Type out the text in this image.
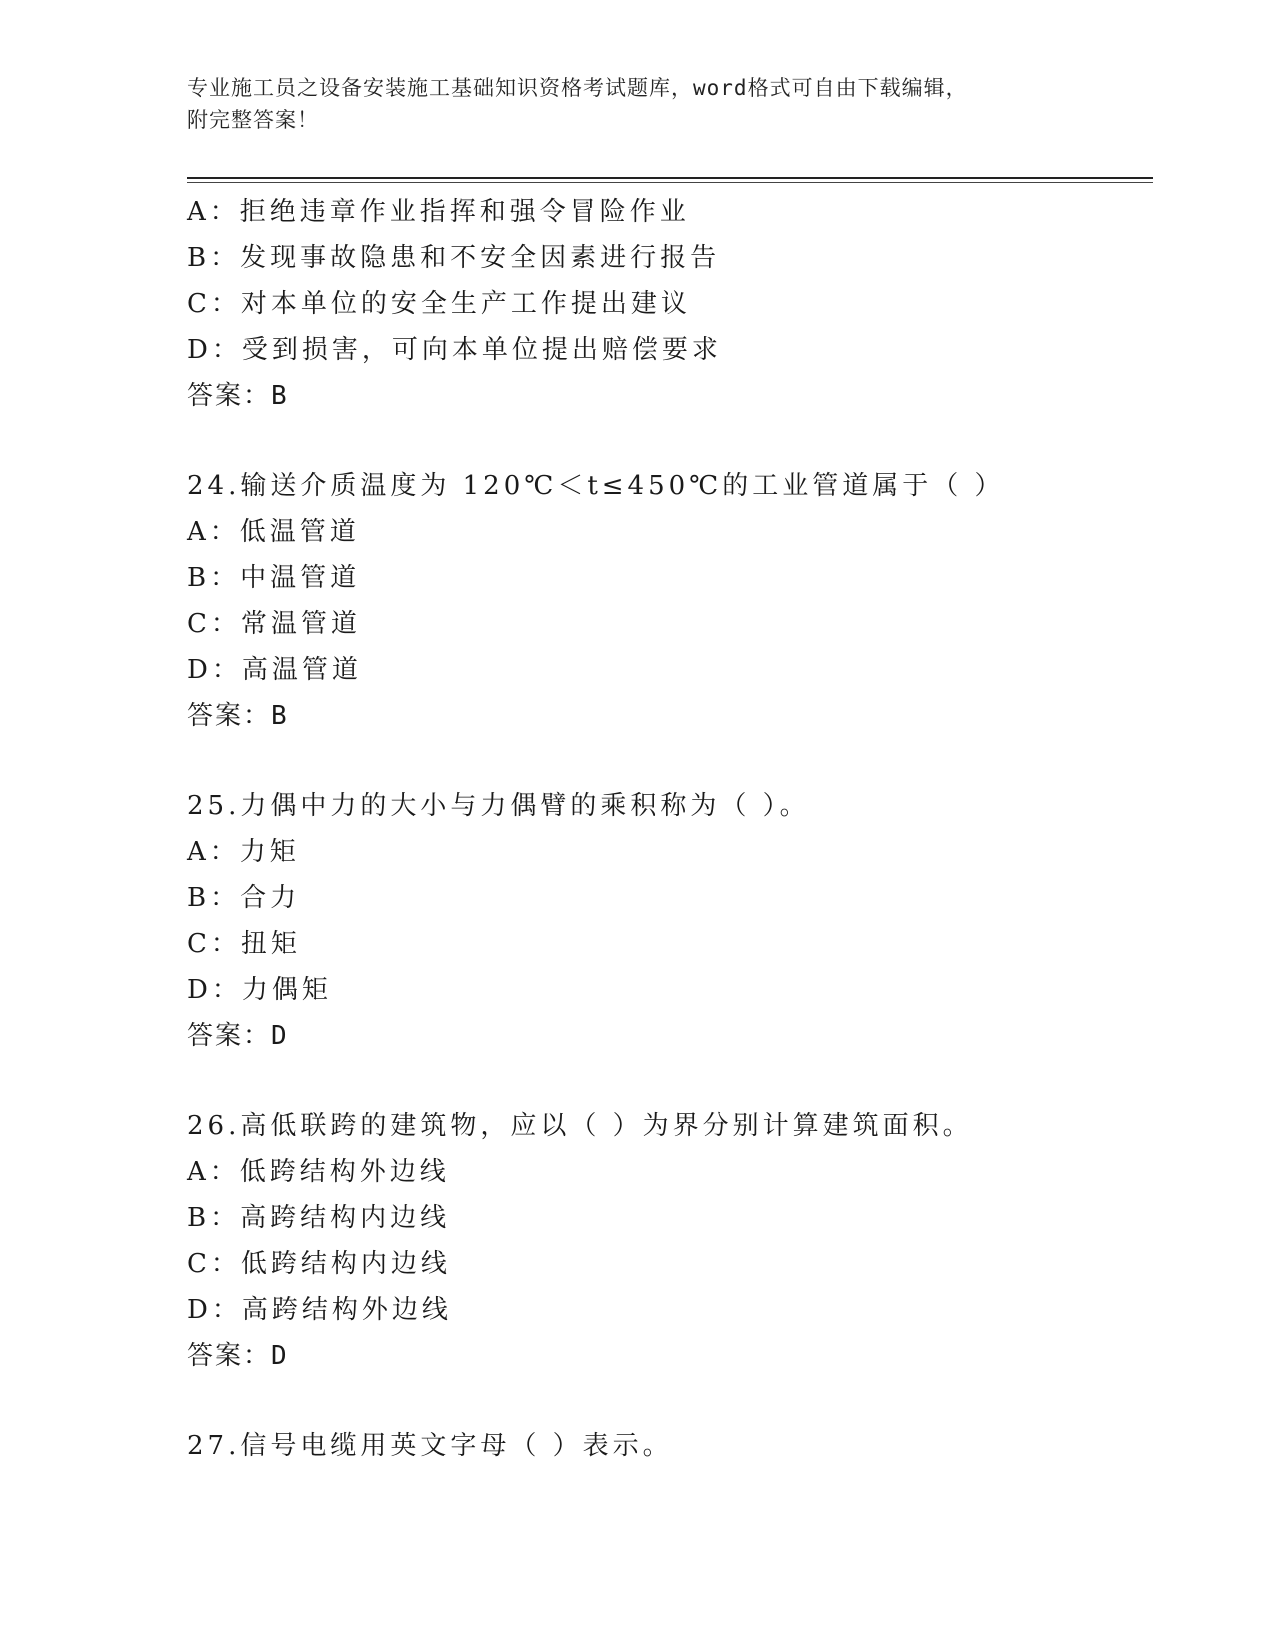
专业施工员之设备安装施工基础知识资格考试题库，word格式可自由下载编辑，
附完整答案！
A：拒绝违章作业指挥和强令冒险作业
B：发现事故隐患和不安全因素进行报告
C：对本单位的安全生产工作提出建议
D：受到损害，可向本单位提出赔偿要求
答案：B
24.输送介质温度为 120℃＜t≤450℃的工业管道属于（ ）
A：低温管道
B：中温管道
C：常温管道
D：高温管道
答案：B
25.力偶中力的大小与力偶臂的乘积称为（ ）。
A：力矩
B：合力
C：扭矩
D：力偶矩
答案：D
26.高低联跨的建筑物，应以（ ）为界分别计算建筑面积。
A：低跨结构外边线
B：高跨结构内边线
C：低跨结构内边线
D：高跨结构外边线
答案：D
27.信号电缆用英文字母（ ）表示。
